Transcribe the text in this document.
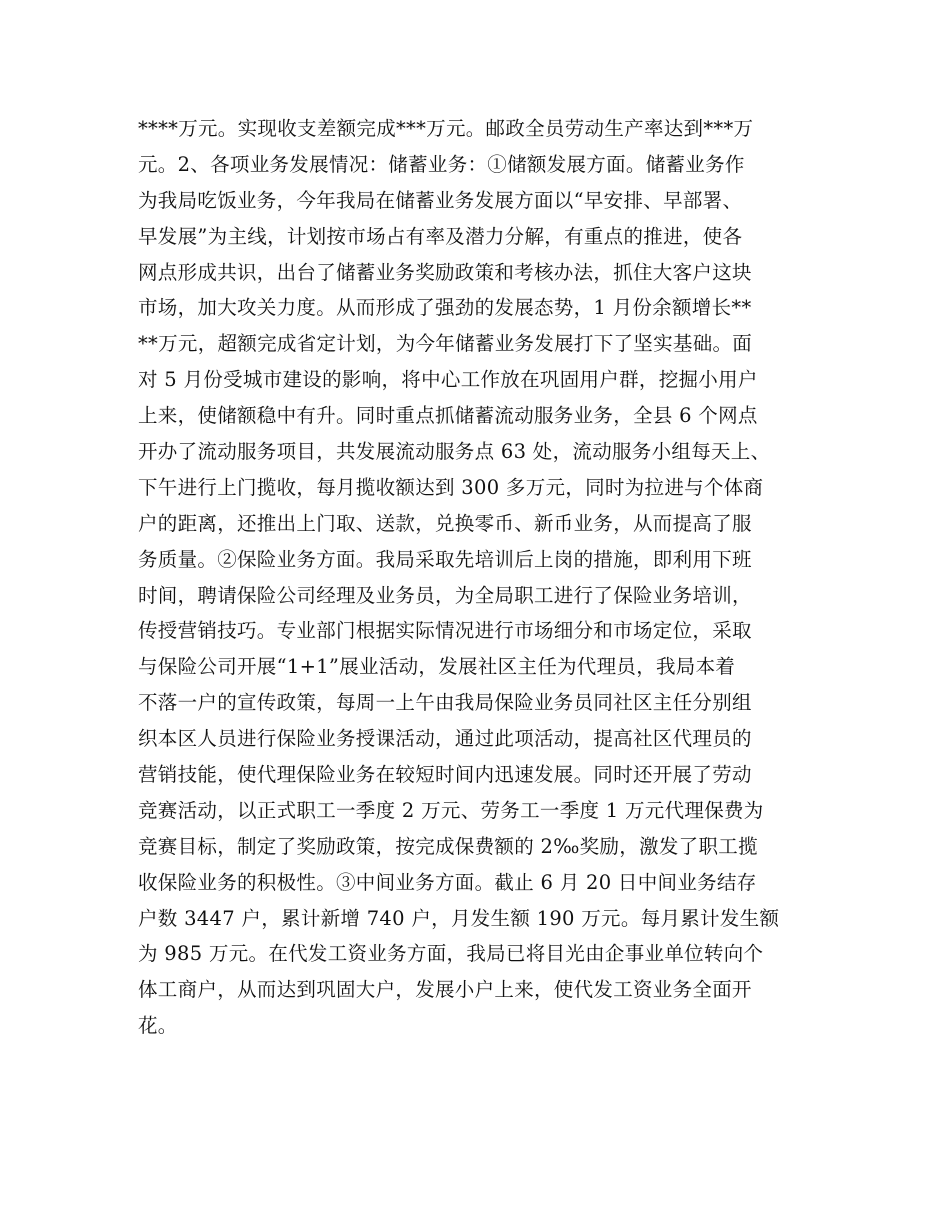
****万元。实现收支差额完成***万元。邮政全员劳动生产率达到***万
元。2、各项业务发展情况：储蓄业务：①储额发展方面。储蓄业务作
为我局吃饭业务，今年我局在储蓄业务发展方面以“早安排、早部署、
早发展”为主线，计划按市场占有率及潜力分解，有重点的推进，使各
网点形成共识，出台了储蓄业务奖励政策和考核办法，抓住大客户这块
市场，加大攻关力度。从而形成了强劲的发展态势，1 月份余额增长**
**万元，超额完成省定计划，为今年储蓄业务发展打下了坚实基础。面
对 5 月份受城市建设的影响，将中心工作放在巩固用户群，挖掘小用户
上来，使储额稳中有升。同时重点抓储蓄流动服务业务，全县 6 个网点
开办了流动服务项目，共发展流动服务点 63 处，流动服务小组每天上、
下午进行上门揽收，每月揽收额达到 300 多万元，同时为拉进与个体商
户的距离，还推出上门取、送款，兑换零币、新币业务，从而提高了服
务质量。②保险业务方面。我局采取先培训后上岗的措施，即利用下班
时间，聘请保险公司经理及业务员，为全局职工进行了保险业务培训，
传授营销技巧。专业部门根据实际情况进行市场细分和市场定位，采取
与保险公司开展“1+1”展业活动，发展社区主任为代理员，我局本着
不落一户的宣传政策，每周一上午由我局保险业务员同社区主任分别组
织本区人员进行保险业务授课活动，通过此项活动，提高社区代理员的
营销技能，使代理保险业务在较短时间内迅速发展。同时还开展了劳动
竞赛活动，以正式职工一季度 2 万元、劳务工一季度 1 万元代理保费为
竞赛目标，制定了奖励政策，按完成保费额的 2‰奖励，激发了职工揽
收保险业务的积极性。③中间业务方面。截止 6 月 20 日中间业务结存
户数 3447 户，累计新增 740 户，月发生额 190 万元。每月累计发生额
为 985 万元。在代发工资业务方面，我局已将目光由企事业单位转向个
体工商户，从而达到巩固大户，发展小户上来，使代发工资业务全面开
花。
